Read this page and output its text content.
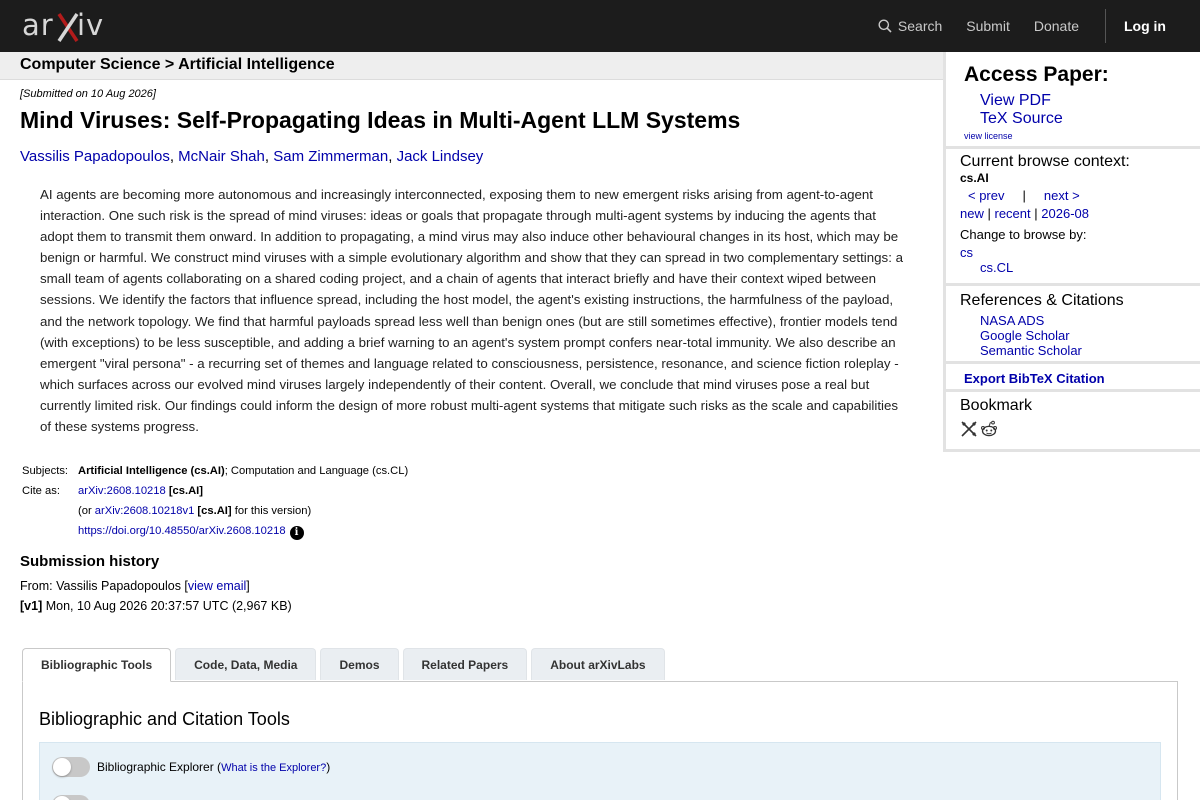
ar iv	Search Submit Donate	Log in
Computer Science > Artificial Intelligence
[Submitted on 10 Aug 2026]
Mind Viruses: Self-Propagating Ideas in Multi-Agent LLM Systems
Vassilis Papadopoulos, McNair Shah, Sam Zimmerman, Jack Lindsey
AI agents are becoming more autonomous and increasingly interconnected, exposing them to new emergent risks arising from agent-to-agent interaction. One such risk is the spread of mind viruses: ideas or goals that propagate through multi-agent systems by inducing the agents that adopt them to transmit them onward. In addition to propagating, a mind virus may also induce other behavioural changes in its host, which may be benign or harmful. We construct mind viruses with a simple evolutionary algorithm and show that they can spread in two complementary settings: a small team of agents collaborating on a shared coding project, and a chain of agents that interact briefly and have their context wiped between sessions. We identify the factors that influence spread, including the host model, the agent's existing instructions, the harmfulness of the payload, and the network topology. We find that harmful payloads spread less well than benign ones (but are still sometimes effective), frontier models tend (with exceptions) to be less susceptible, and adding a brief warning to an agent's system prompt confers near-total immunity. We also describe an emergent "viral persona" - a recurring set of themes and language related to consciousness, persistence, resonance, and science fiction roleplay - which surfaces across our evolved mind viruses largely independently of their content. Overall, we conclude that mind viruses pose a real but currently limited risk. Our findings could inform the design of more robust multi-agent systems that mitigate such risks as the scale and capabilities of these systems progress.
Subjects: Artificial Intelligence (cs.AI); Computation and Language (cs.CL)
Cite as:	arXiv:2608.10218 [cs.AI]
(or arXiv:2608.10218v1 [cs.AI] for this version)
https://doi.org/10.48550/arXiv.2608.10218 i
Submission history
From: Vassilis Papadopoulos [view email]
[v1] Mon, 10 Aug 2026 20:37:57 UTC (2,967 KB)
Bibliographic Tools	Code, Data, Media	Demos	Related Papers	About arXivLabs
Bibliographic and Citation Tools
Bibliographic Explorer (What is the Explorer?)
Access Paper:
View PDF
TeX Source
view license
Current browse context:
cs.AI
< prev | next >
new | recent | 2026-08
Change to browse by:
cs
cs.CL
References & Citations
NASA ADS
Google Scholar
Semantic Scholar
Export BibTeX Citation
Bookmark
